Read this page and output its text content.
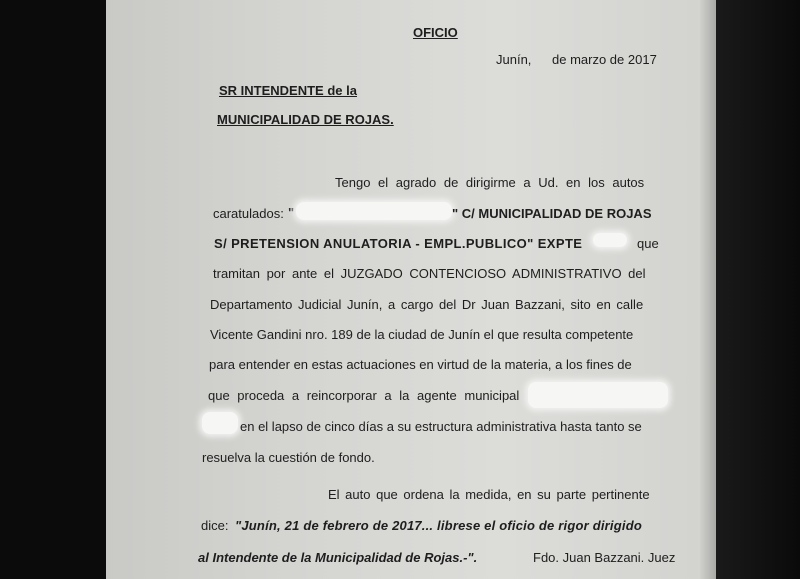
OFICIO
Junín, de marzo de 2017
SR INTENDENTE de la
MUNICIPALIDAD DE ROJAS.
Tengo el agrado de dirigirme a Ud. en los autos
caratulados: "	" C/ MUNICIPALIDAD DE ROJAS
S/ PRETENSION ANULATORIA - EMPL.PUBLICO" EXPTE	que
tramitan por ante el JUZGADO CONTENCIOSO ADMINISTRATIVO del
Departamento Judicial Junín, a cargo del Dr Juan Bazzani, sito en calle
Vicente Gandini nro. 189 de la ciudad de Junín el que resulta competente
para entender en estas actuaciones en virtud de la materia, a los fines de
que proceda a reincorporar a la agente municipal
en el lapso de cinco días a su estructura administrativa hasta tanto se
resuelva la cuestión de fondo.
El auto que ordena la medida, en su parte pertinente
dice: "Junín, 21 de febrero de 2017... librese el oficio de rigor dirigido
al Intendente de la Municipalidad de Rojas.-".	Fdo. Juan Bazzani. Juez
